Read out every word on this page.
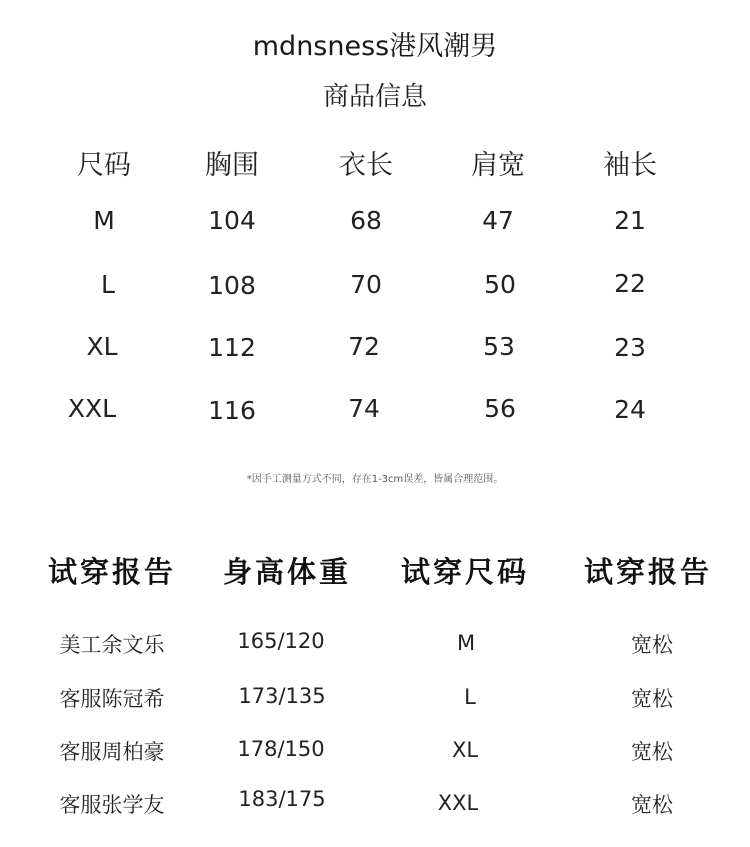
mdnsness港风潮男
商品信息
尺码	胸围	衣长	肩宽	袖长
M	104	68	47	21
L	108	70	50	22
XL	112	72	53	23
XXL	116	74	56	24
*因手工测量方式不同，存在1-3cm误差，皆属合理范围。
试穿报告 身高体重 试穿尺码 试穿报告
美工余文乐	165/120	M	宽松
客服陈冠希	173/135	L	宽松
客服周柏豪	178/150	XL	宽松
客服张学友	183/175	XXL	宽松
